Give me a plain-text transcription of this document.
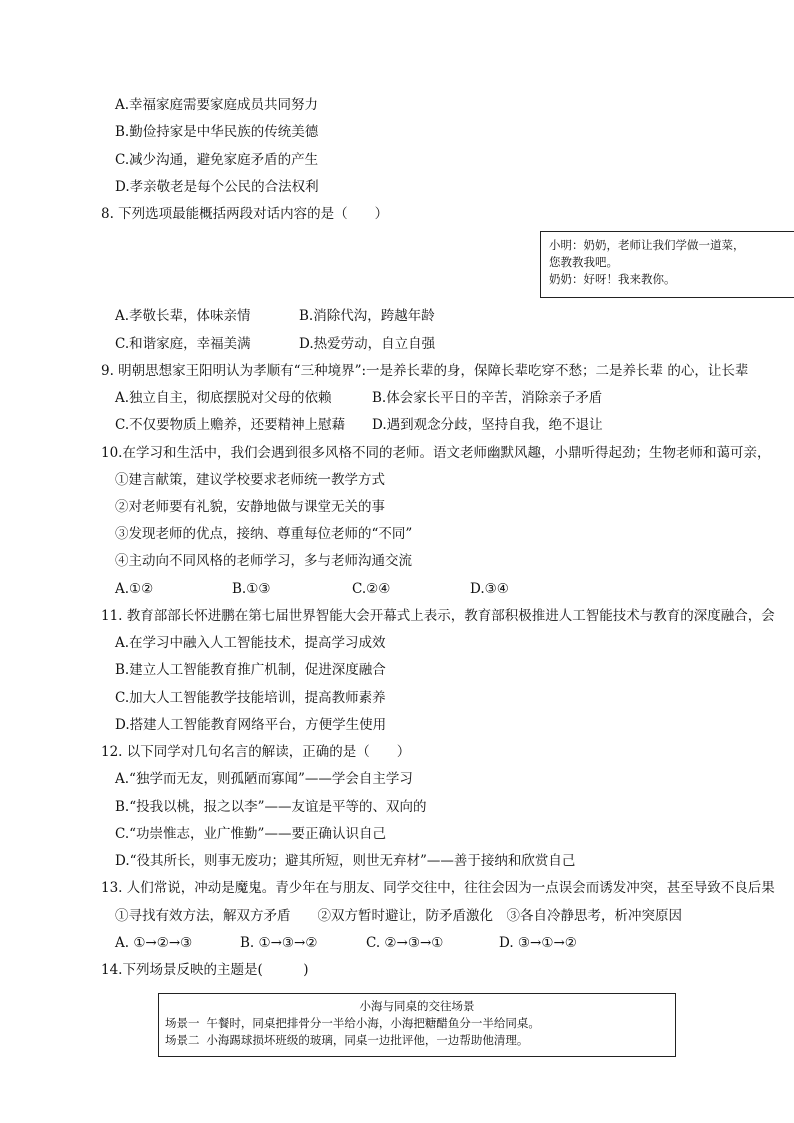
A.幸福家庭需要家庭成员共同努力
B.勤俭持家是中华民族的传统美德
C.减少沟通，避免家庭矛盾的产生
D.孝亲敬老是每个公民的合法权利
8. 下列选项最能概括两段对话内容的是（　　）
小明：奶奶，老师让我们学做一道菜，
您教教我吧。
奶奶：好呀！我来教你。
A.孝敬长辈，体味亲情	B.消除代沟，跨越年龄
C.和谐家庭，幸福美满	D.热爱劳动，自立自强
9. 明朝思想家王阳明认为孝顺有“三种境界”:一是养长辈的身，保障长辈吃穿不愁；二是养长辈 的心，让长辈
A.独立自主，彻底摆脱对父母的依赖	B.体会家长平日的辛苦，消除亲子矛盾
C.不仅要物质上赡养，还要精神上慰藉 D.遇到观念分歧，坚持自我，绝不退让
10.在学习和生活中，我们会遇到很多风格不同的老师。语文老师幽默风趣，小鼎听得起劲；生物老师和蔼可亲，
①建言献策，建议学校要求老师统一教学方式
②对老师要有礼貌，安静地做与课堂无关的事
③发现老师的优点，接纳、尊重每位老师的“不同”
④主动向不同风格的老师学习，多与老师沟通交流
A.①②	B.①③	C.②④	D.③④
11. 教育部部长怀进鹏在第七届世界智能大会开幕式上表示，教育部积极推进人工智能技术与教育的深度融合，会
A.在学习中融入人工智能技术，提高学习成效
B.建立人工智能教育推广机制，促进深度融合
C.加大人工智能教学技能培训，提高教师素养
D.搭建人工智能教育网络平台，方便学生使用
12. 以下同学对几句名言的解读，正确的是（　　）
A.“独学而无友，则孤陋而寡闻”——学会自主学习
B.“投我以桃，报之以李”——友谊是平等的、双向的
C.“功崇惟志，业广惟勤”——要正确认识自己
D.“役其所长，则事无废功；避其所短，则世无弃材”——善于接纳和欣赏自己
13. 人们常说，冲动是魔鬼。青少年在与朋友、同学交往中，往往会因为一点误会而诱发冲突，甚至导致不良后果
①寻找有效方法，解双方矛盾　　②双方暂时避让，防矛盾激化　③各自冷静思考，析冲突原因
A. ①→②→③	B. ①→③→②	C. ②→③→①	D. ③→①→②
14.下列场景反映的主题是(　　　)
小海与同桌的交往场景
场景一 午餐时，同桌把排骨分一半给小海，小海把糖醋鱼分一半给同桌。
场景二 小海踢球损坏班级的玻璃，同桌一边批评他，一边帮助他清理。
